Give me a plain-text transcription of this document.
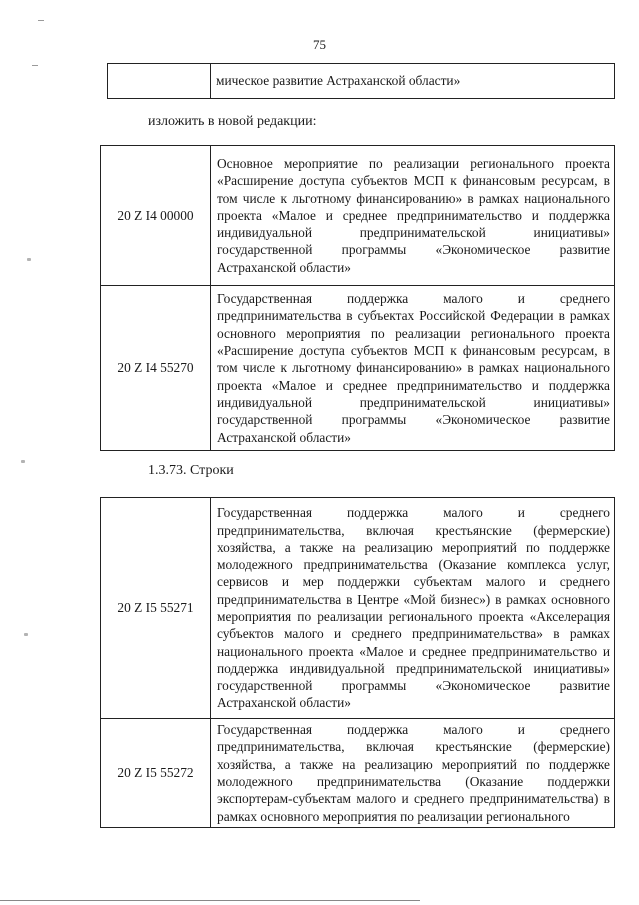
75
	мическое развитие Астраханской области»
изложить в новой редакции:
20 Z I4 00000	Основное мероприятие по реализации регионального проекта «Расширение доступа субъектов МСП к финансовым ресурсам, в том числе к льготному финансированию» в рамках национального проекта «Малое и среднее предпринимательство и поддержка индивидуальной предпринимательской инициативы» государственной программы «Экономическое развитие Астраханской области»
20 Z I4 55270	Государственная поддержка малого и среднего предпринимательства в субъектах Российской Федерации в рамках основного мероприятия по реализации регионального проекта «Расширение доступа субъектов МСП к финансовым ресурсам, в том числе к льготному финансированию» в рамках национального проекта «Малое и среднее предпринимательство и поддержка индивидуальной предпринимательской инициативы» государственной программы «Экономическое развитие Астраханской области»
1.3.73. Строки
20 Z I5 55271	Государственная поддержка малого и среднего предпринимательства, включая крестьянские (фермерские) хозяйства, а также на реализацию мероприятий по поддержке молодежного предпринимательства (Оказание комплекса услуг, сервисов и мер поддержки субъектам малого и среднего предпринимательства в Центре «Мой бизнес») в рамках основного мероприятия по реализации регионального проекта «Акселерация субъектов малого и среднего предпринимательства» в рамках национального проекта «Малое и среднее предпринимательство и поддержка индивидуальной предпринимательской инициативы» государственной программы «Экономическое развитие Астраханской области»
20 Z I5 55272	Государственная поддержка малого и среднего предпринимательства, включая крестьянские (фермерские) хозяйства, а также на реализацию мероприятий по поддержке молодежного предпринимательства (Оказание поддержки экспортерам-субъектам малого и среднего предпринимательства) в рамках основного мероприятия по реализации регионального
